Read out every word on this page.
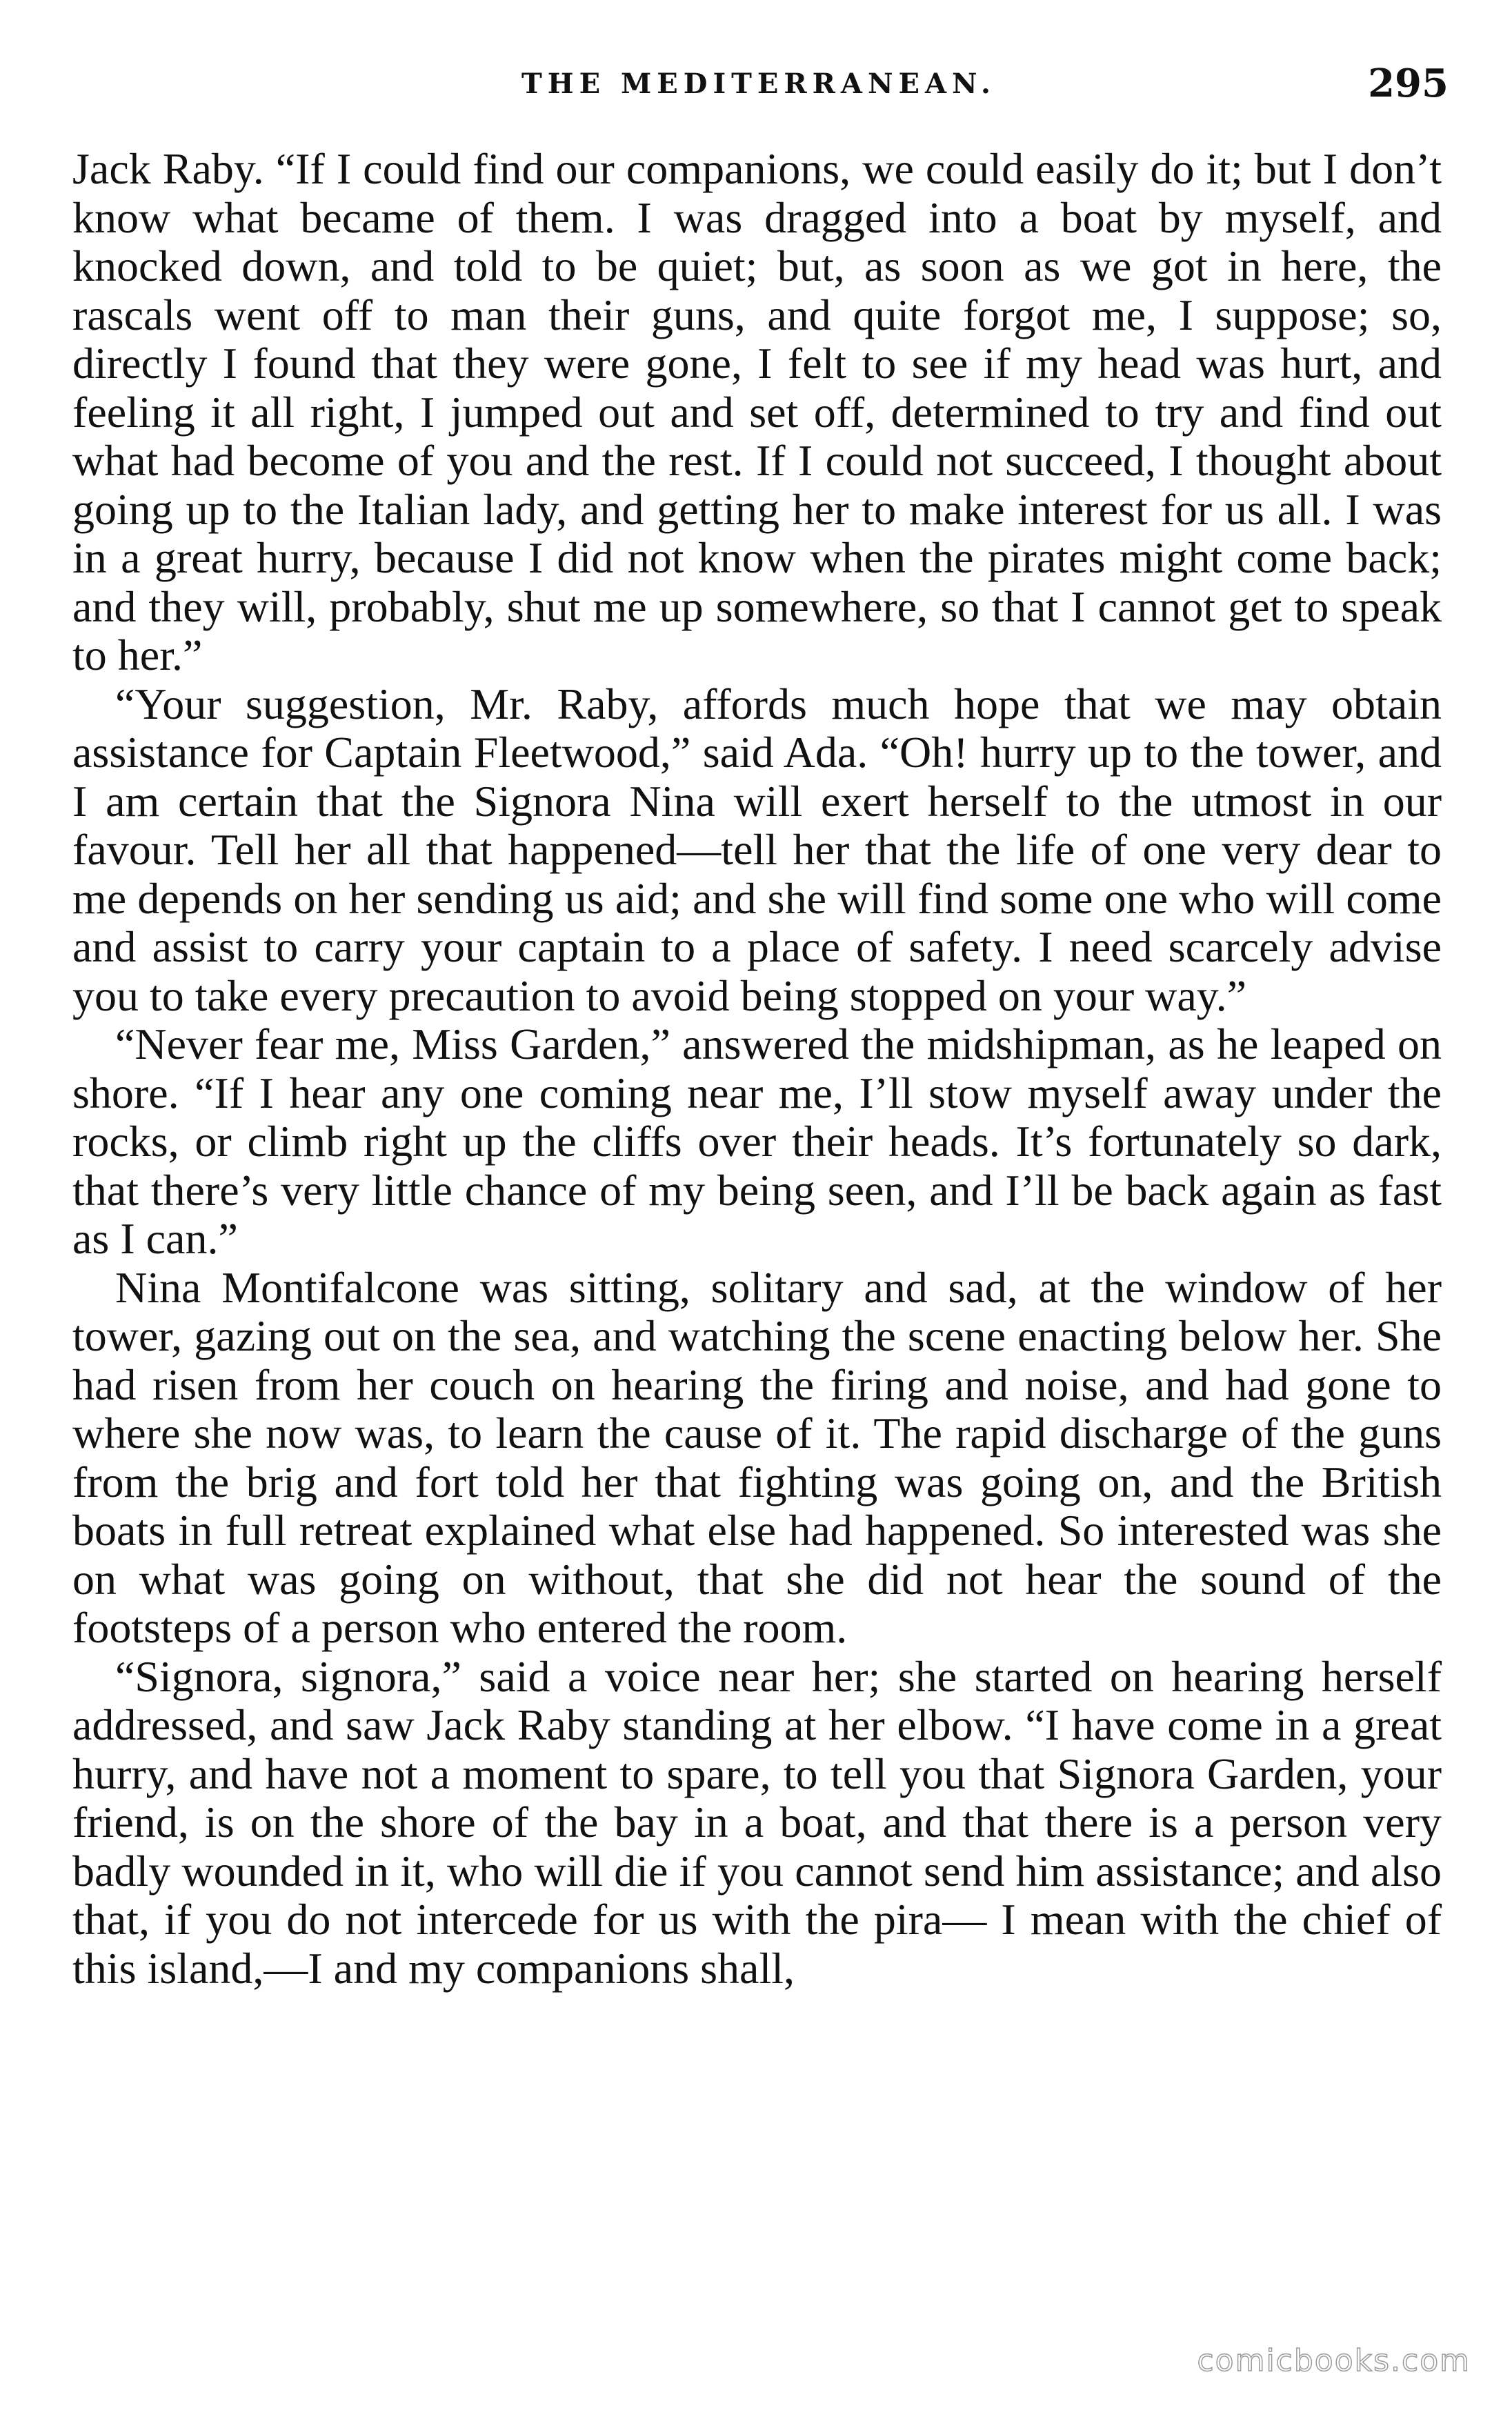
THE MEDITERRANEAN.	295

Jack Raby. “If I could find our companions, we could easily do it; but I don’t know what became of them. I was dragged into a boat by myself, and knocked down, and told to be quiet; but, as soon as we got in here, the rascals went off to man their guns, and quite forgot me, I suppose; so, directly I found that they were gone, I felt to see if my head was hurt, and feeling it all right, I jumped out and set off, determined to try and find out what had become of you and the rest. If I could not succeed, I thought about going up to the Italian lady, and getting her to make interest for us all. I was in a great hurry, because I did not know when the pirates might come back; and they will, probably, shut me up somewhere, so that I cannot get to speak to her.”

“Your suggestion, Mr. Raby, affords much hope that we may obtain assistance for Captain Fleetwood,” said Ada. “Oh! hurry up to the tower, and I am certain that the Signora Nina will exert herself to the utmost in our favour. Tell her all that happened—tell her that the life of one very dear to me depends on her sending us aid; and she will find some one who will come and assist to carry your captain to a place of safety. I need scarcely advise you to take every precaution to avoid being stopped on your way.”

“Never fear me, Miss Garden,” answered the midshipman, as he leaped on shore. “If I hear any one coming near me, I’ll stow myself away under the rocks, or climb right up the cliffs over their heads. It’s fortunately so dark, that there’s very little chance of my being seen, and I’ll be back again as fast as I can.”

Nina Montifalcone was sitting, solitary and sad, at the window of her tower, gazing out on the sea, and watching the scene enacting below her. She had risen from her couch on hearing the firing and noise, and had gone to where she now was, to learn the cause of it. The rapid discharge of the guns from the brig and fort told her that fighting was going on, and the British boats in full retreat explained what else had happened. So interested was she on what was going on without, that she did not hear the sound of the footsteps of a person who entered the room.

“Signora, signora,” said a voice near her; she started on hearing herself addressed, and saw Jack Raby standing at her elbow. “I have come in a great hurry, and have not a moment to spare, to tell you that Signora Garden, your friend, is on the shore of the bay in a boat, and that there is a person very badly wounded in it, who will die if you cannot send him assistance; and also that, if you do not intercede for us with the pira— I mean with the chief of this island,—I and my companions shall,

comicbooks.com
